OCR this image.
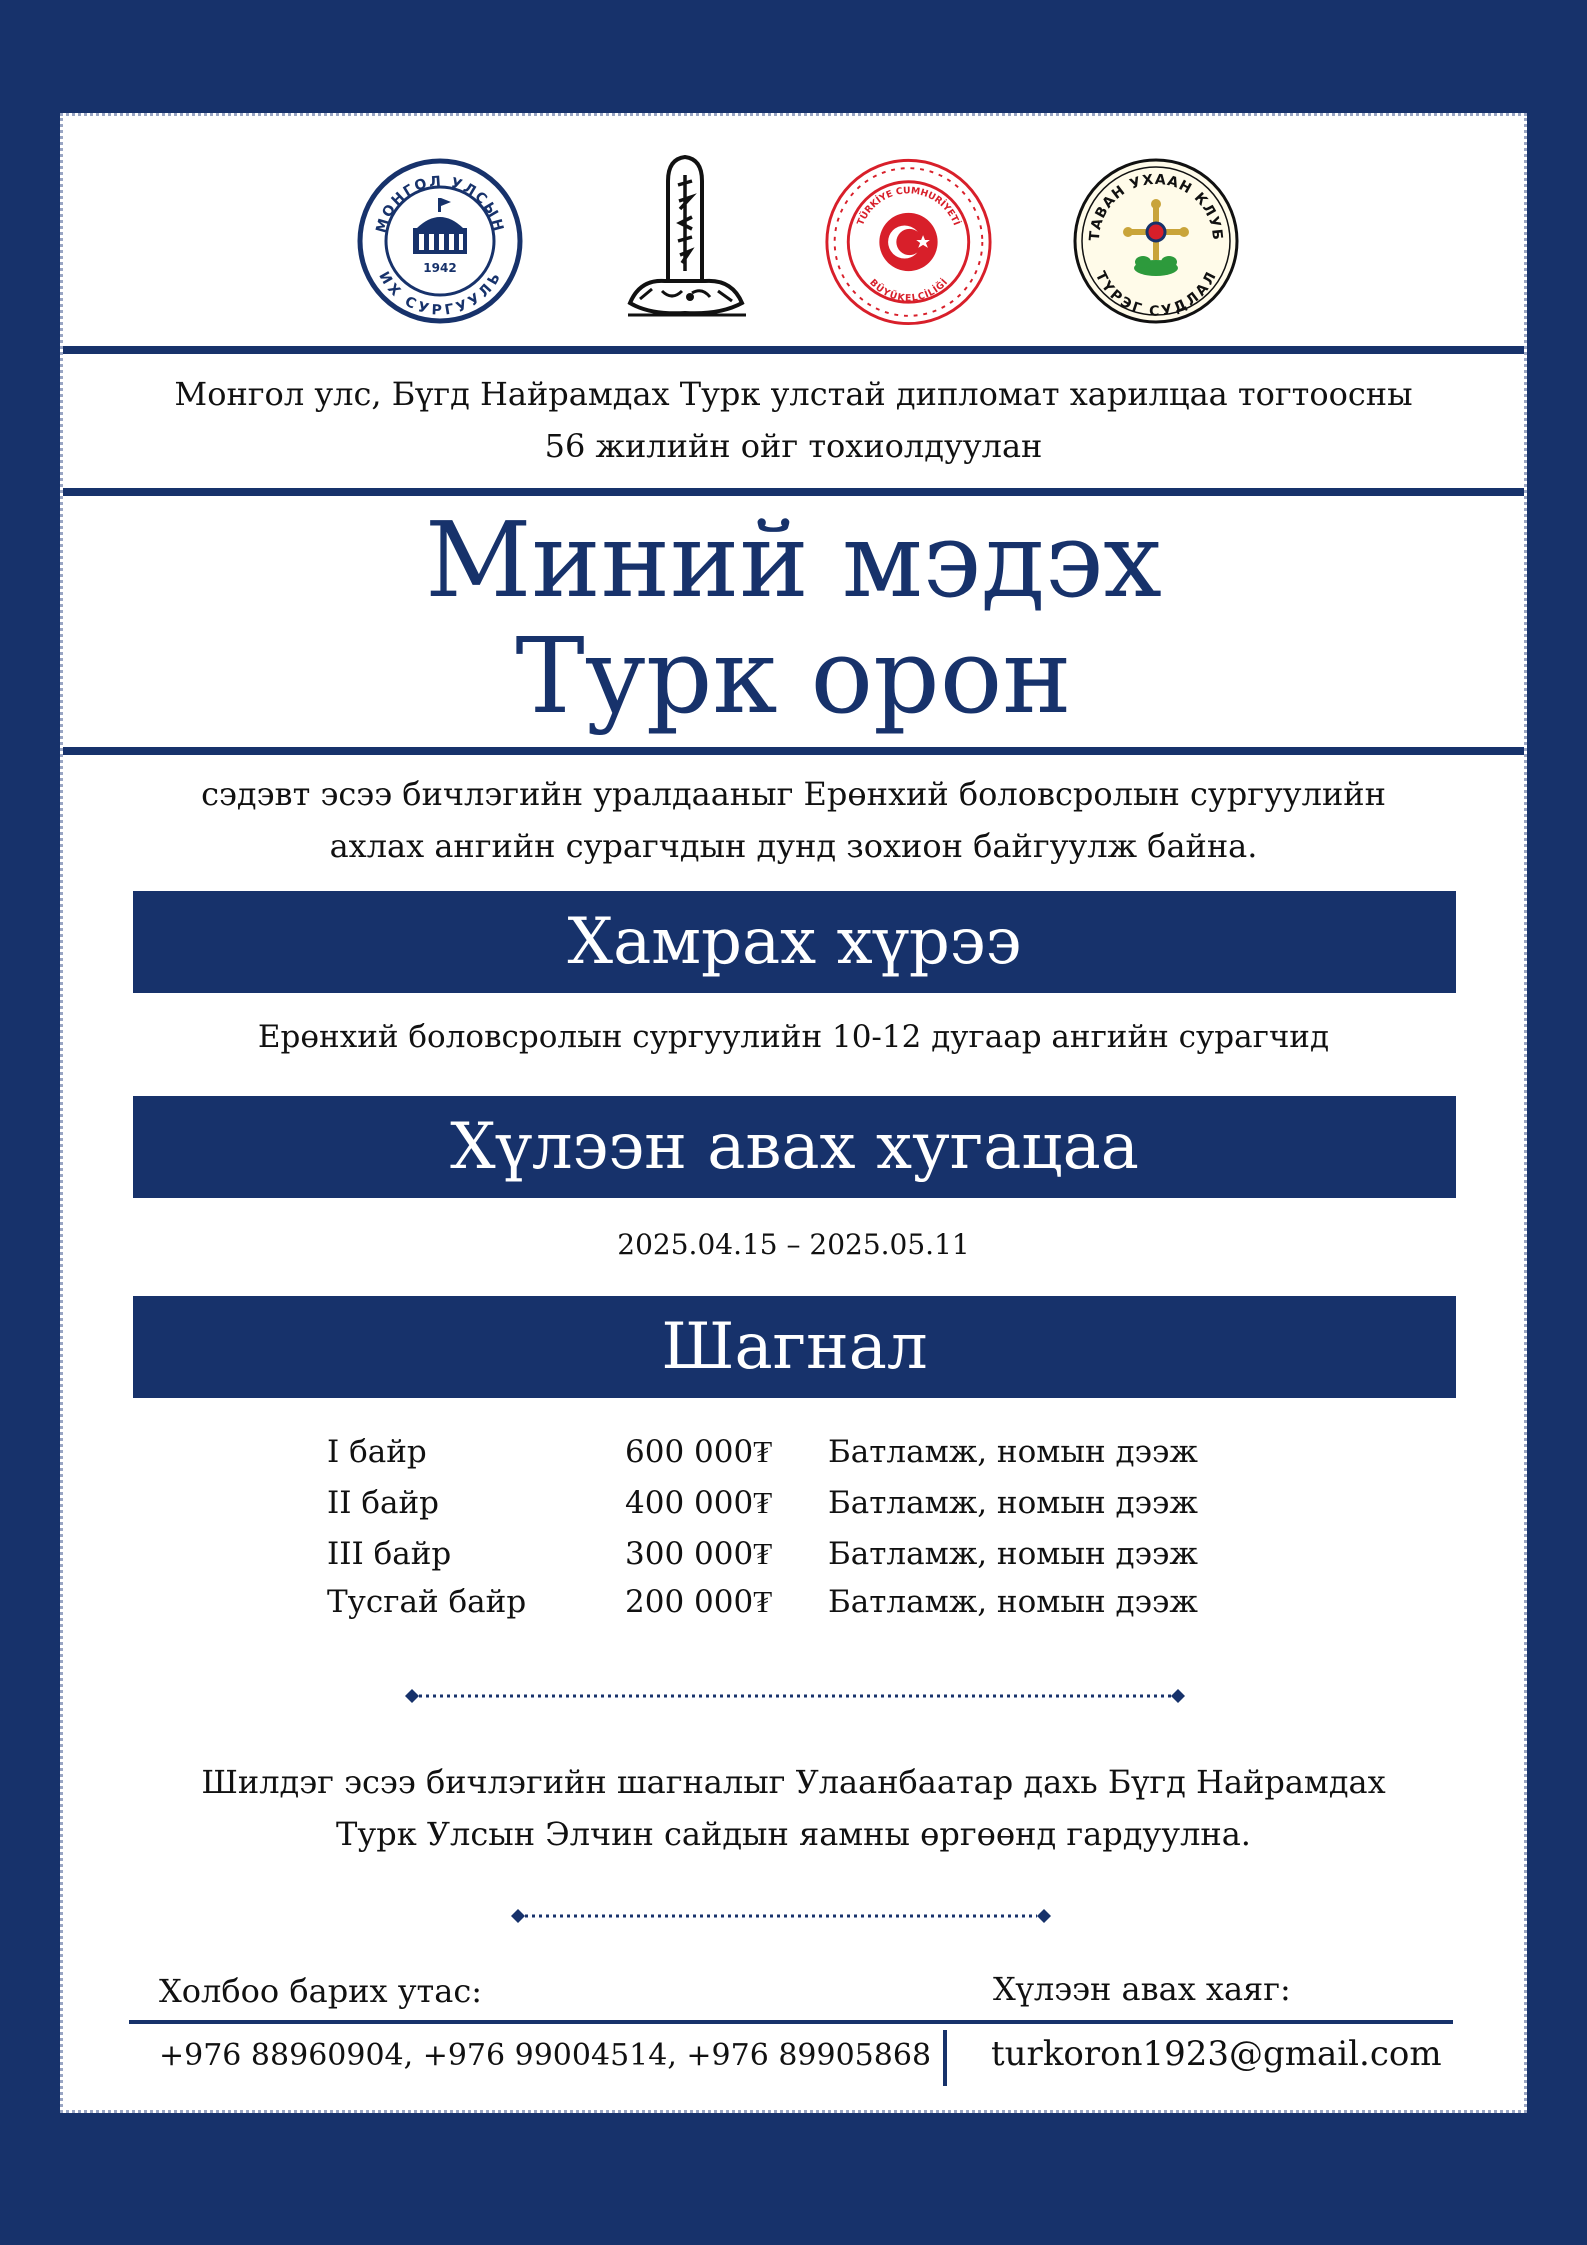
МОНГОЛ УЛСЫН
ИХ СУРГУУЛЬ
1942
TÜRKİYE CUMHURİYETİ
BÜYÜKELÇİLİĞİ
ТАВАН УХААН КЛУБ
ТҮРЭГ СУДЛАЛ
Монгол улс, Бүгд Найрамдах Турк улстай дипломат харилцаа тогтоосны
56 жилийн ойг тохиолдуулан
Миний мэдэх
Турк орон
сэдэвт эсээ бичлэгийн уралдааныг Ерөнхий боловсролын сургуулийн
ахлах ангийн сурагчдын дунд зохион байгуулж байна.
Хамрах хүрээ
Ерөнхий боловсролын сургуулийн 10-12 дугаар ангийн сурагчид
Хүлээн авах хугацаа
2025.04.15 – 2025.05.11
Шагнал
I байр	600 000₮ Батламж, номын дээж
II байр	400 000₮ Батламж, номын дээж
III байр	300 000₮ Батламж, номын дээж
Тусгай байр	200 000₮ Батламж, номын дээж
Шилдэг эсээ бичлэгийн шагналыг Улаанбаатар дахь Бүгд Найрамдах
Турк Улсын Элчин сайдын яамны өргөөнд гардуулна.
Холбоо барих утас:	Хүлээн авах хаяг:
+976 88960904, +976 99004514, +976 89905868 turkoron1923@gmail.com
